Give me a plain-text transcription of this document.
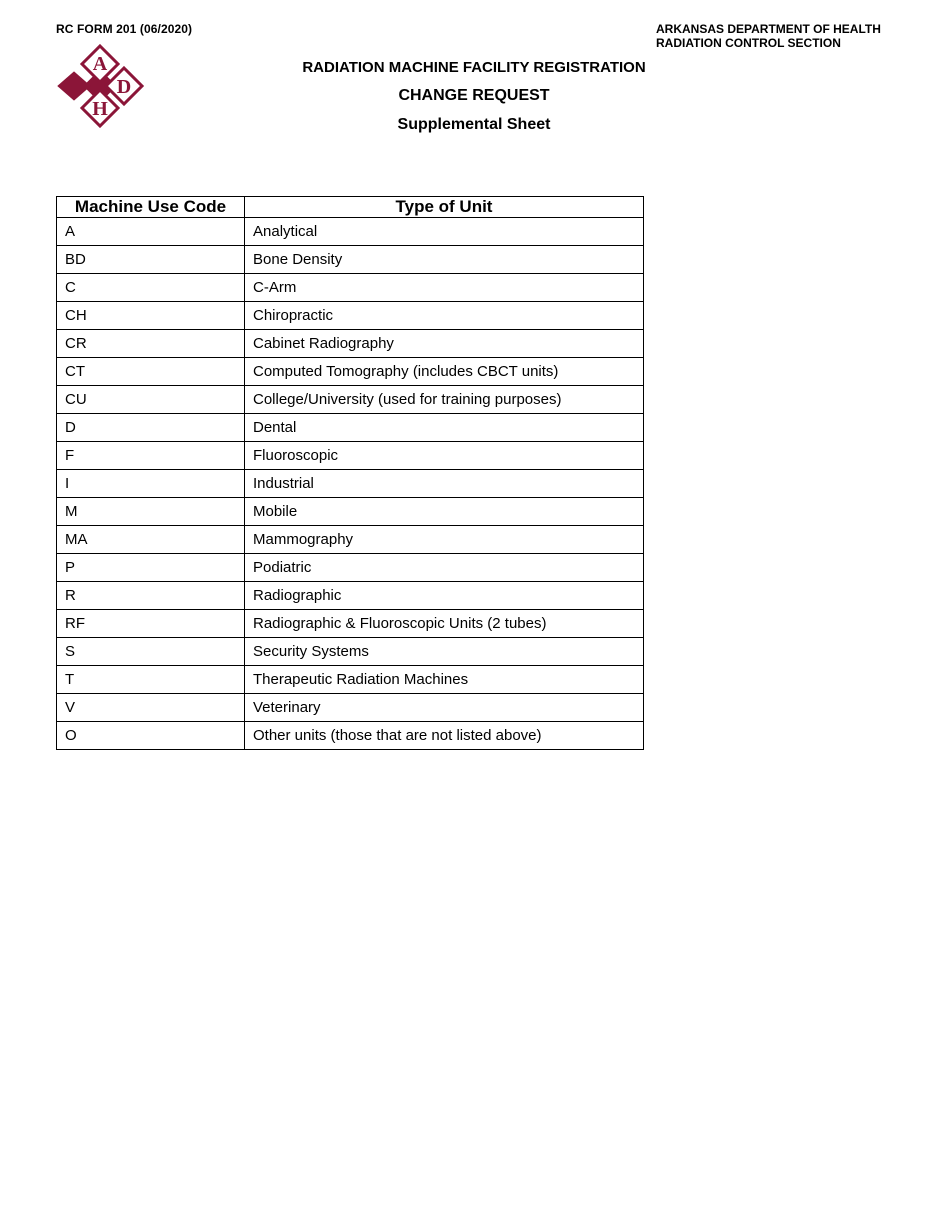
RC FORM 201 (06/2020)	ARKANSAS DEPARTMENT OF HEALTH
RADIATION CONTROL SECTION
A
D
H
RADIATION MACHINE FACILITY REGISTRATION
CHANGE REQUEST
Supplemental Sheet
Machine Use Code	Type of Unit
A	Analytical
BD	Bone Density
C	C-Arm
CH	Chiropractic
CR	Cabinet Radiography
CT	Computed Tomography (includes CBCT units)
CU	College/University (used for training purposes)
D	Dental
F	Fluoroscopic
I	Industrial
M	Mobile
MA	Mammography
P	Podiatric
R	Radiographic
RF	Radiographic & Fluoroscopic Units (2 tubes)
S	Security Systems
T	Therapeutic Radiation Machines
V	Veterinary
O	Other units (those that are not listed above)
